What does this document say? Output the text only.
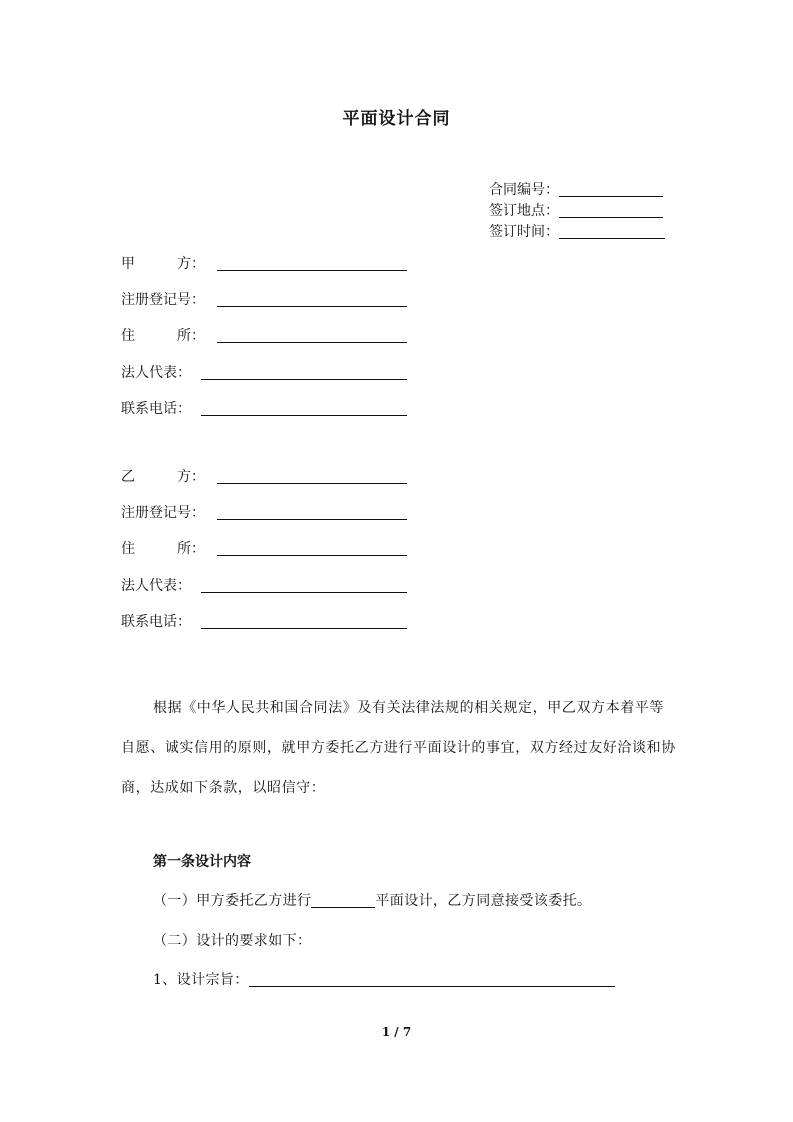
平面设计合同
合同编号：
签订地点：
签订时间：
甲　　　方：
注册登记号：
住　　　所：
法人代表：
联系电话：
乙　　　方：
注册登记号：
住　　　所：
法人代表：
联系电话：
根据《中华人民共和国合同法》及有关法律法规的相关规定，甲乙双方本着平等自愿、诚实信用的原则，就甲方委托乙方进行平面设计的事宜，双方经过友好洽谈和协商，达成如下条款，以昭信守：
第一条设计内容
（一）甲方委托乙方进行	平面设计，乙方同意接受该委托。
（二）设计的要求如下：
1、设计宗旨：
1 / 7
